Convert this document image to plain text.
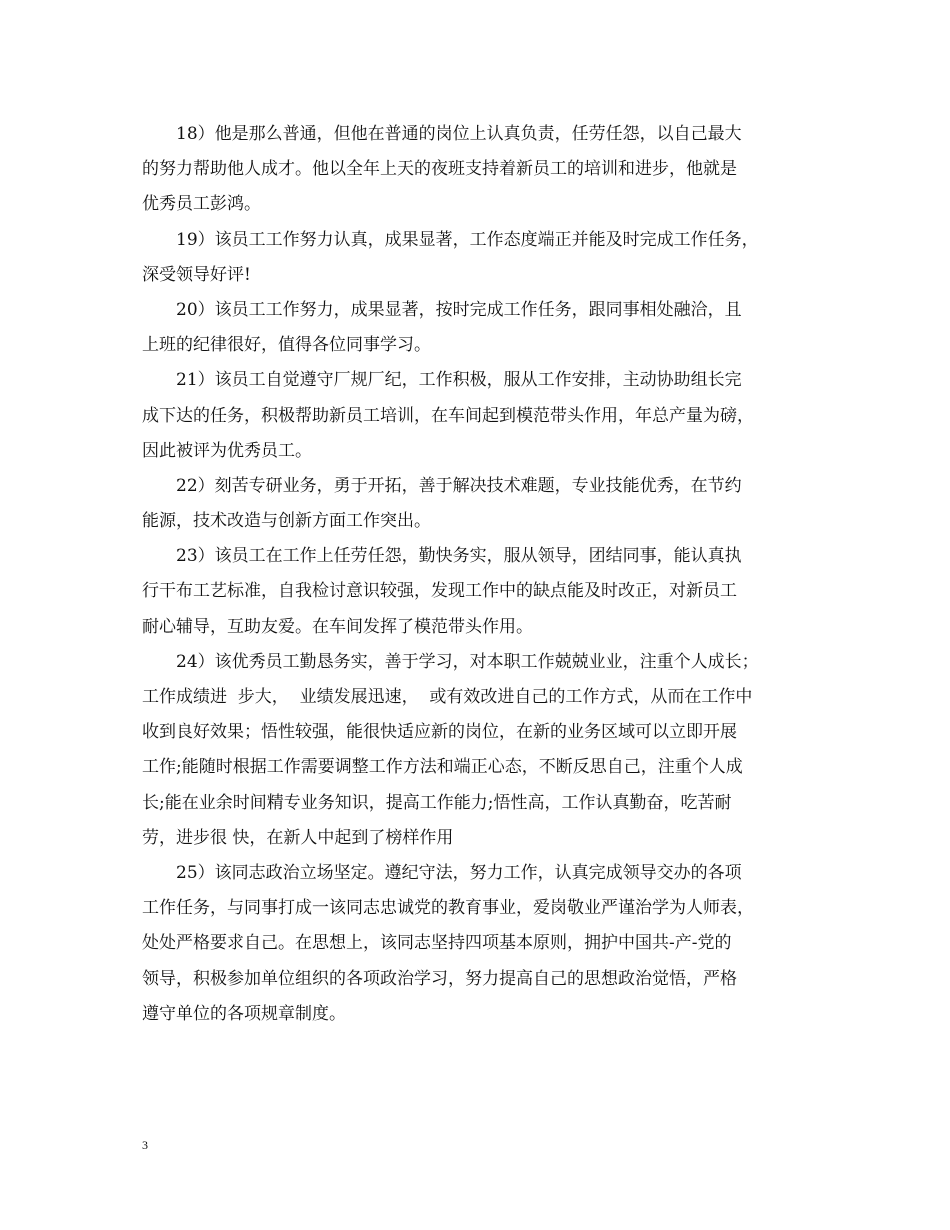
18）他是那么普通，但他在普通的岗位上认真负责，任劳任怨，以自己最大
的努力帮助他人成才。他以全年上天的夜班支持着新员工的培训和进步，他就是
优秀员工彭鸿。
19）该员工工作努力认真，成果显著，工作态度端正并能及时完成工作任务，
深受领导好评!
20）该员工工作努力，成果显著，按时完成工作任务，跟同事相处融洽，且
上班的纪律很好，值得各位同事学习。
21）该员工自觉遵守厂规厂纪，工作积极，服从工作安排，主动协助组长完
成下达的任务，积极帮助新员工培训，在车间起到模范带头作用，年总产量为磅，
因此被评为优秀员工。
22）刻苦专研业务，勇于开拓，善于解决技术难题，专业技能优秀，在节约
能源，技术改造与创新方面工作突出。
23）该员工在工作上任劳任怨，勤快务实，服从领导，团结同事，能认真执
行干布工艺标准，自我检讨意识较强，发现工作中的缺点能及时改正，对新员工
耐心辅导，互助友爱。在车间发挥了模范带头作用。
24）该优秀员工勤恳务实，善于学习，对本职工作兢兢业业，注重个人成长；
工作成绩进  步大，  业绩发展迅速，  或有效改进自己的工作方式，从而在工作中
收到良好效果；悟性较强，能很快适应新的岗位，在新的业务区域可以立即开展
工作;能随时根据工作需要调整工作方法和端正心态，不断反思自己，注重个人成
长;能在业余时间精专业务知识，提高工作能力;悟性高，工作认真勤奋，吃苦耐
劳，进步很 快，在新人中起到了榜样作用
25）该同志政治立场坚定。遵纪守法，努力工作，认真完成领导交办的各项
工作任务，与同事打成一该同志忠诚党的教育事业，爱岗敬业严谨治学为人师表，
处处严格要求自己。在思想上，该同志坚持四项基本原则，拥护中国共-产-党的
领导，积极参加单位组织的各项政治学习，努力提高自己的思想政治觉悟，严格
遵守单位的各项规章制度。
3
